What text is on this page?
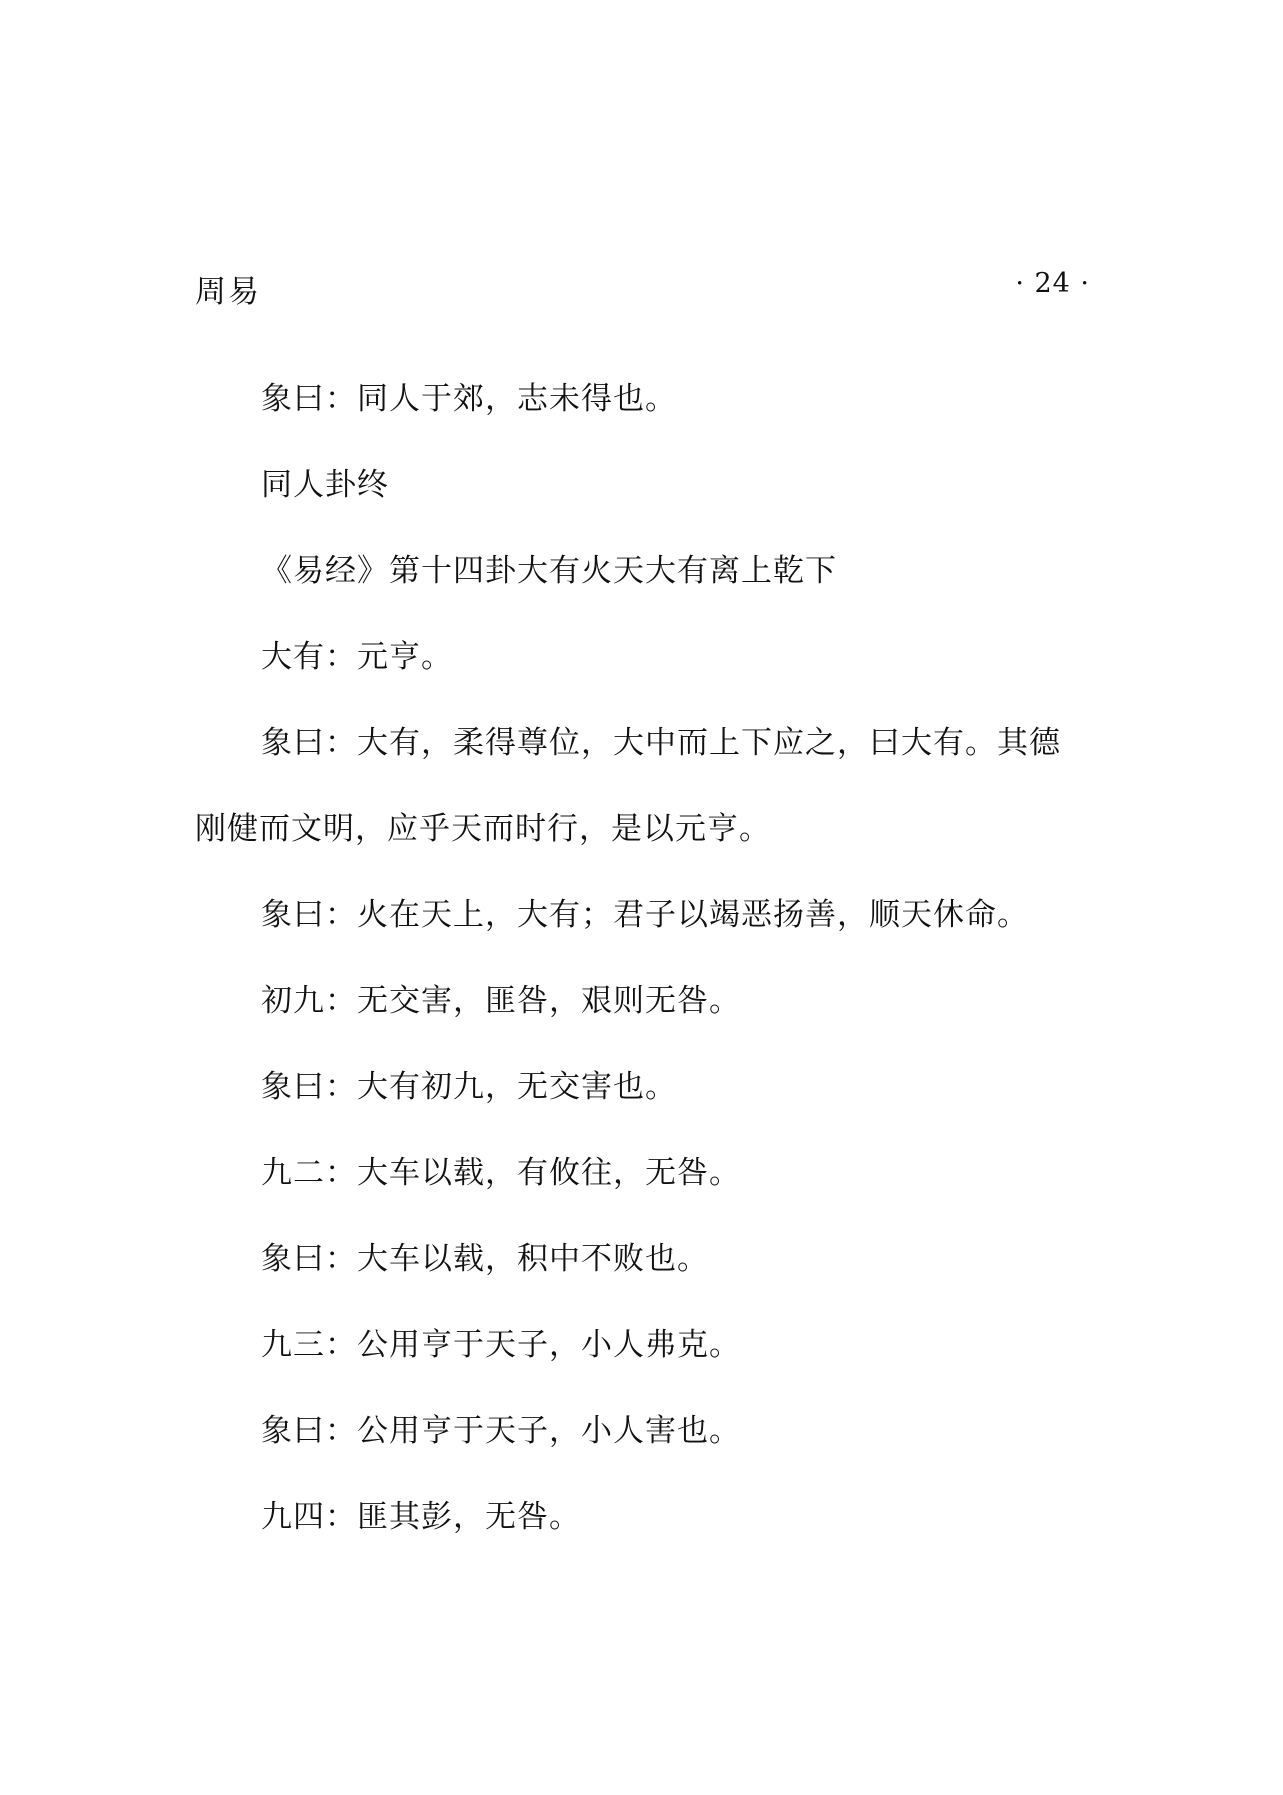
周易	· 24 ·

象曰：同人于郊，志未得也。

同人卦终

《易经》第十四卦大有火天大有离上乾下

大有：元亨。

象曰：大有，柔得尊位，大中而上下应之，曰大有。其德刚健而文明，应乎天而时行，是以元亨。

象曰：火在天上，大有；君子以竭恶扬善，顺天休命。

初九：无交害，匪咎，艰则无咎。

象曰：大有初九，无交害也。

九二：大车以载，有攸往，无咎。

象曰：大车以载，积中不败也。

九三：公用亨于天子，小人弗克。

象曰：公用亨于天子，小人害也。

九四：匪其彭，无咎。
